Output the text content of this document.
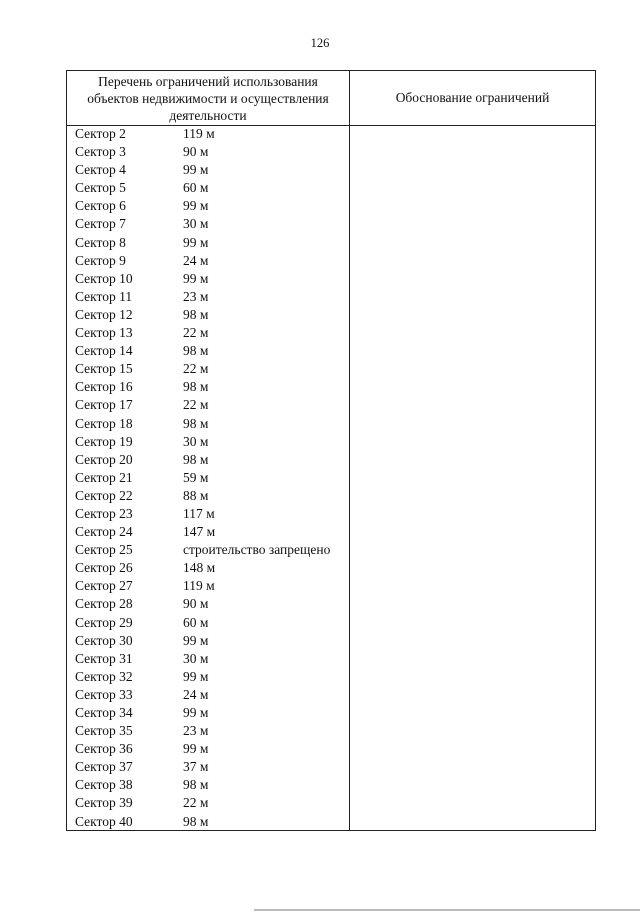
126
Перечень ограничений использования
объектов недвижимости и осуществления
деятельности
Обоснование ограничений
Сектор 2	119 м
Сектор 3	90 м
Сектор 4	99 м
Сектор 5	60 м
Сектор 6	99 м
Сектор 7	30 м
Сектор 8	99 м
Сектор 9	24 м
Сектор 10	99 м
Сектор 11	23 м
Сектор 12	98 м
Сектор 13	22 м
Сектор 14	98 м
Сектор 15	22 м
Сектор 16	98 м
Сектор 17	22 м
Сектор 18	98 м
Сектор 19	30 м
Сектор 20	98 м
Сектор 21	59 м
Сектор 22	88 м
Сектор 23	117 м
Сектор 24	147 м
Сектор 25	строительство запрещено
Сектор 26	148 м
Сектор 27	119 м
Сектор 28	90 м
Сектор 29	60 м
Сектор 30	99 м
Сектор 31	30 м
Сектор 32	99 м
Сектор 33	24 м
Сектор 34	99 м
Сектор 35	23 м
Сектор 36	99 м
Сектор 37	37 м
Сектор 38	98 м
Сектор 39	22 м
Сектор 40	98 м
